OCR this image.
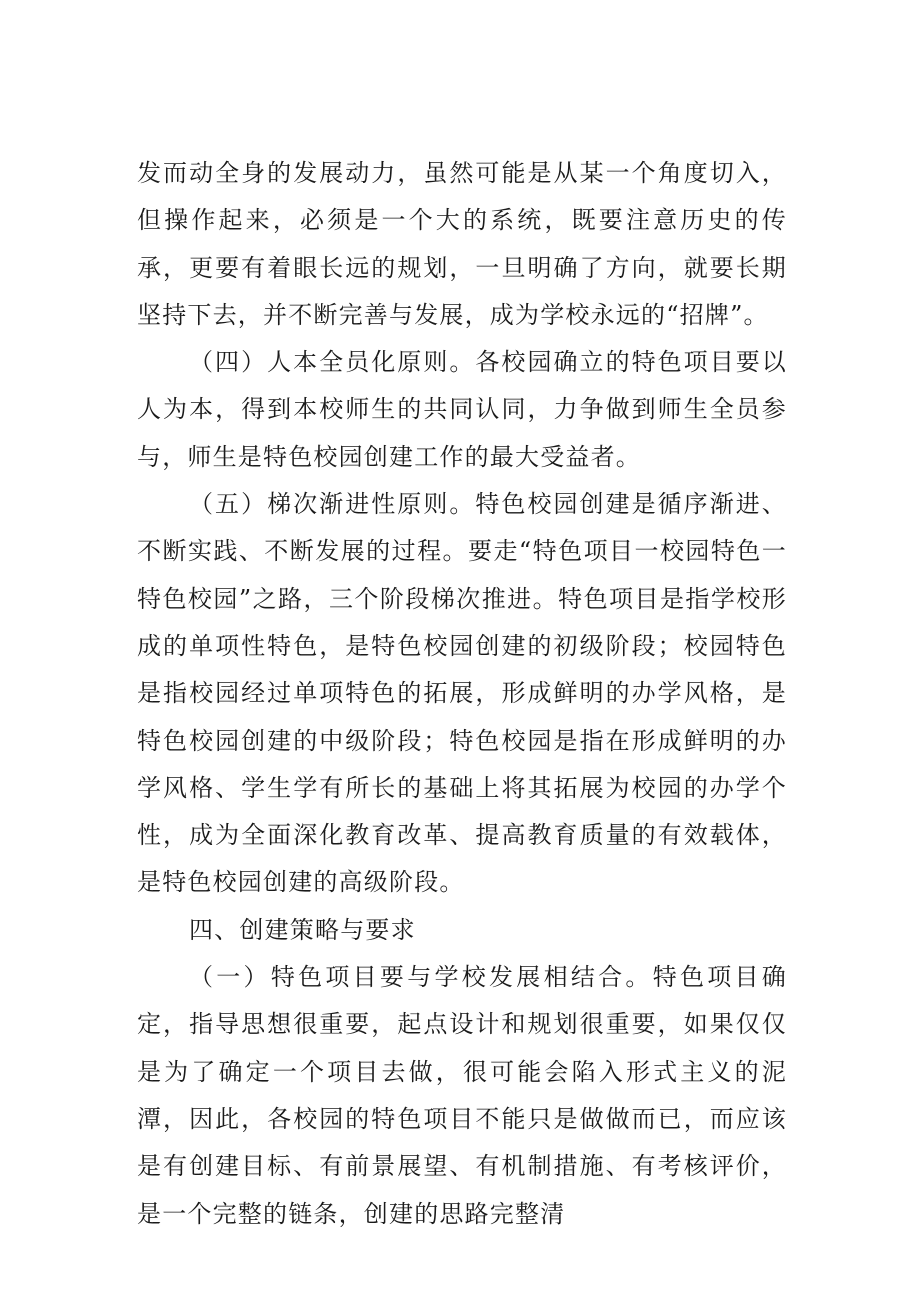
发而动全身的发展动力，虽然可能是从某一个角度切入，但操作起来，必须是一个大的系统，既要注意历史的传承，更要有着眼长远的规划，一旦明确了方向，就要长期坚持下去，并不断完善与发展，成为学校永远的“招牌”。

（四）人本全员化原则。各校园确立的特色项目要以人为本，得到本校师生的共同认同，力争做到师生全员参与，师生是特色校园创建工作的最大受益者。

（五）梯次渐进性原则。特色校园创建是循序渐进、不断实践、不断发展的过程。要走“特色项目一校园特色一特色校园”之路，三个阶段梯次推进。特色项目是指学校形成的单项性特色，是特色校园创建的初级阶段；校园特色是指校园经过单项特色的拓展，形成鲜明的办学风格，是特色校园创建的中级阶段；特色校园是指在形成鲜明的办学风格、学生学有所长的基础上将其拓展为校园的办学个性，成为全面深化教育改革、提高教育质量的有效载体，是特色校园创建的高级阶段。

四、创建策略与要求

（一）特色项目要与学校发展相结合。特色项目确定，指导思想很重要，起点设计和规划很重要，如果仅仅是为了确定一个项目去做，很可能会陷入形式主义的泥潭，因此，各校园的特色项目不能只是做做而已，而应该是有创建目标、有前景展望、有机制措施、有考核评价，是一个完整的链条，创建的思路完整清
